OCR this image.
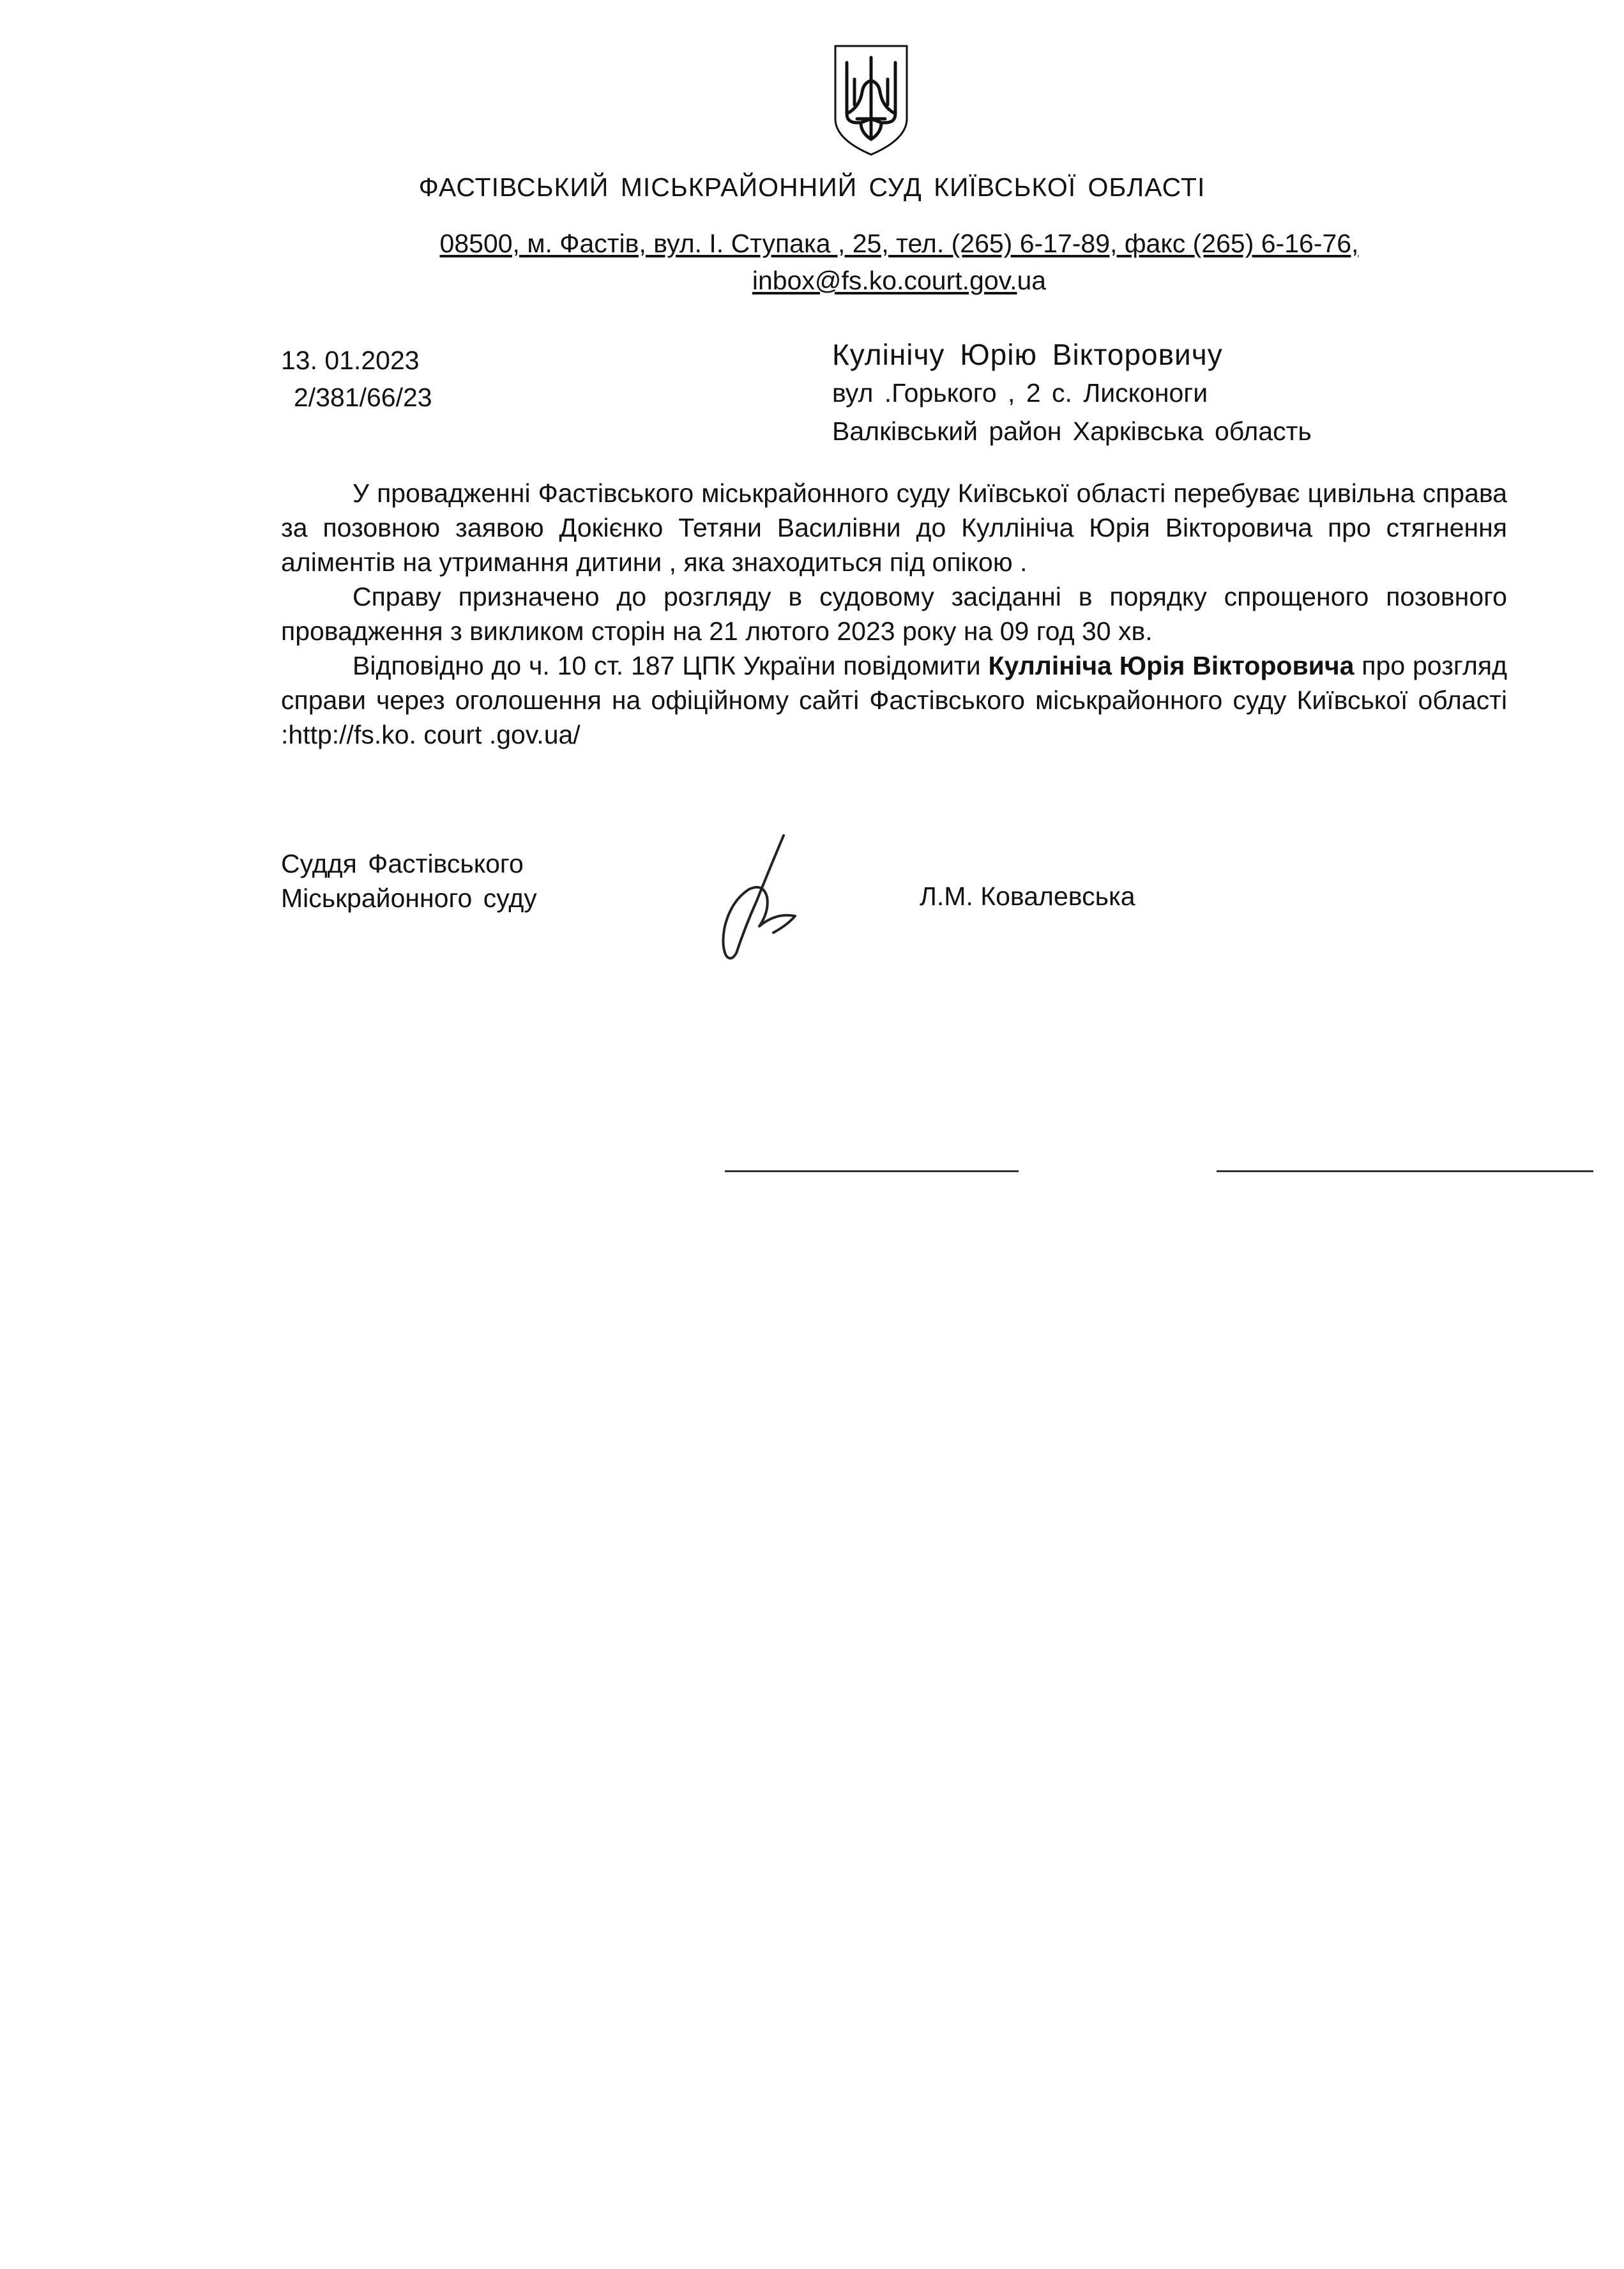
ФАСТІВСЬКИЙ МІСЬКРАЙОННИЙ СУД КИЇВСЬКОЇ ОБЛАСТІ
08500, м. Фастів, вул. І. Ступака , 25, тел. (265) 6-17-89, факс (265) 6-16-76,
inbox@fs.ko.court.gov.ua
13. 01.2023
2/381/66/23
Кулінічу Юрію Вікторовичу
вул .Горького , 2 с. Лисконоги
Валківський район Харківська область

У провадженні Фастівського міськрайонного суду Київської області перебуває цивільна справа за позовною заявою Докієнко Тетяни Василівни до Куллініча Юрія Вікторовича про стягнення аліментів на утримання дитини , яка знаходиться під опікою .

Справу призначено до розгляду в судовому засіданні в порядку спрощеного позовного провадження з викликом сторін на 21 лютого 2023 року на 09 год 30 хв.

Відповідно до ч. 10 ст. 187 ЦПК України повідомити Куллініча Юрія Вікторовича про розгляд справи через оголошення на офіційному сайті Фастівського міськрайонного суду Київської області :http://fs.ko. court .gov.ua/

Суддя Фастівського
Міськрайонного суду	Л.М. Ковалевська
